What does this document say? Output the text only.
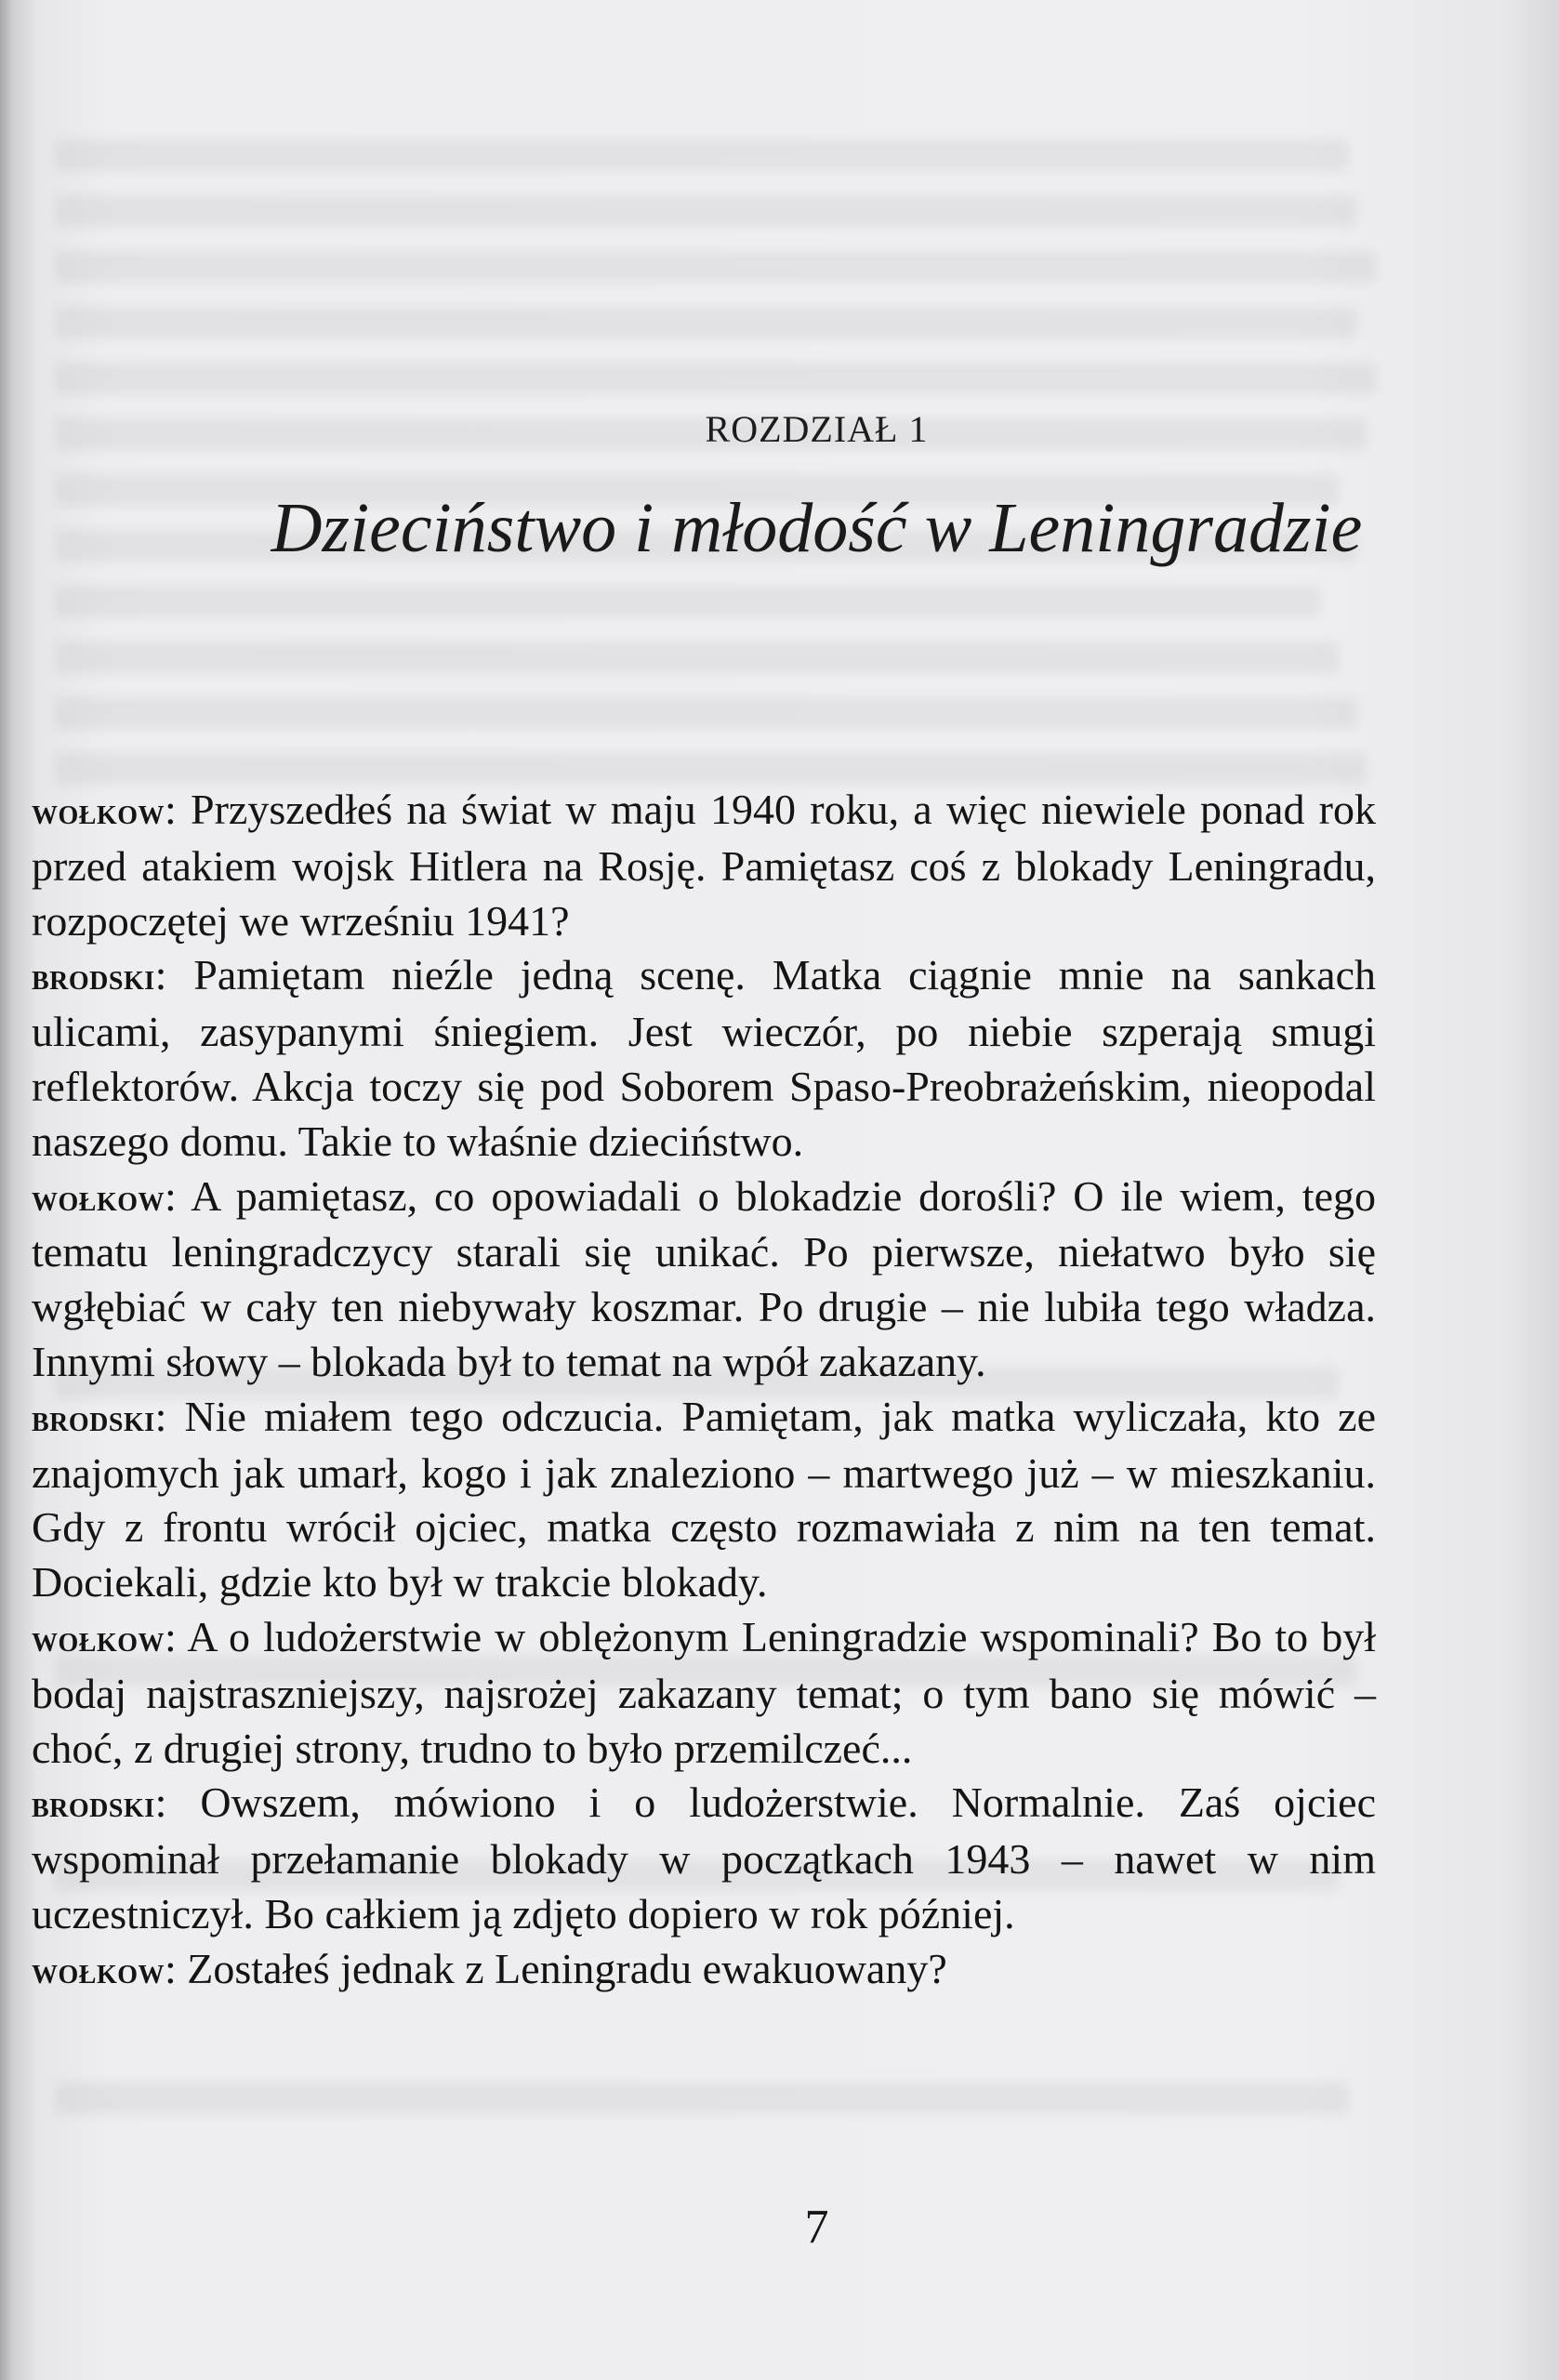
ROZDZIAŁ 1
Dzieciństwo i młodość w Leningradzie

wołkow: Przyszedłeś na świat w maju 1940 roku, a więc niewiele ponad rok przed atakiem wojsk Hitlera na Rosję. Pamiętasz coś z blokady Leningradu, rozpoczętej we wrześniu 1941?

brodski: Pamiętam nieźle jedną scenę. Matka ciągnie mnie na sankach ulicami, zasypanymi śniegiem. Jest wieczór, po niebie szperają smugi reflektorów. Akcja toczy się pod Soborem Spaso-Preobrażeńskim, nieopodal naszego domu. Takie to właśnie dzieciństwo.

wołkow: A pamiętasz, co opowiadali o blokadzie dorośli? O ile wiem, tego tematu leningradczycy starali się unikać. Po pierwsze, niełatwo było się wgłębiać w cały ten niebywały koszmar. Po drugie – nie lubiła tego władza. Innymi słowy – blokada był to temat na wpół zakazany.

brodski: Nie miałem tego odczucia. Pamiętam, jak matka wyliczała, kto ze znajomych jak umarł, kogo i jak znaleziono – martwego już – w mieszkaniu. Gdy z frontu wrócił ojciec, matka często rozmawiała z nim na ten temat. Dociekali, gdzie kto był w trakcie blokady.

wołkow: A o ludożerstwie w oblężonym Leningradzie wspominali? Bo to był bodaj najstraszniejszy, najsrożej zakazany temat; o tym bano się mówić – choć, z drugiej strony, trudno to było przemilczeć...

brodski: Owszem, mówiono i o ludożerstwie. Normalnie. Zaś ojciec wspominał przełamanie blokady w początkach 1943 – nawet w nim uczestniczył. Bo całkiem ją zdjęto dopiero w rok później.

wołkow: Zostałeś jednak z Leningradu ewakuowany?

7
